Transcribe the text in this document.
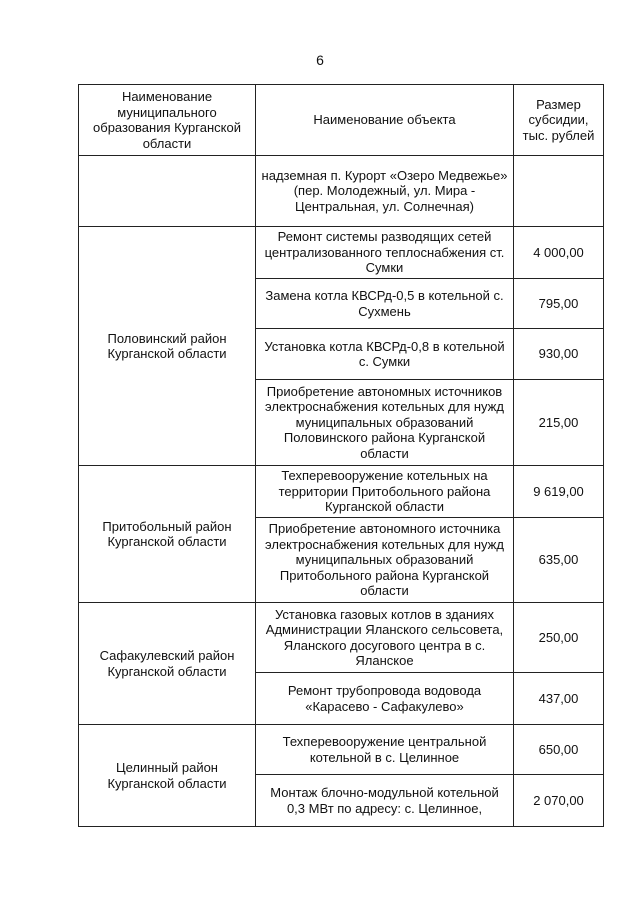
6
Наименование муниципального образования Курганской области	Наименование объекта	Размер субсидии, тыс. рублей
	надземная п. Курорт «Озеро Медвежье» (пер. Молодежный, ул. Мира - Центральная, ул. Солнечная)	
Половинский район Курганской области	Ремонт системы разводящих сетей централизованного теплоснабжения ст. Сумки	4 000,00
	Замена котла КВСРд-0,5 в котельной с. Сухмень	795,00
	Установка котла КВСРд-0,8 в котельной с. Сумки	930,00
	Приобретение автономных источников электроснабжения котельных для нужд муниципальных образований Половинского района Курганской области	215,00
Притобольный район Курганской области	Техперевооружение котельных на территории Притобольного района Курганской области	9 619,00
	Приобретение автономного источника электроснабжения котельных для нужд муниципальных образований Притобольного района Курганской области	635,00
Сафакулевский район Курганской области	Установка газовых котлов в зданиях Администрации Яланского сельсовета, Яланского досугового центра в с. Яланское	250,00
	Ремонт трубопровода водовода «Карасево - Сафакулево»	437,00
Целинный район Курганской области	Техперевооружение центральной котельной в с. Целинное	650,00
	Монтаж блочно-модульной котельной 0,3 МВт по адресу: с. Целинное,	2 070,00
